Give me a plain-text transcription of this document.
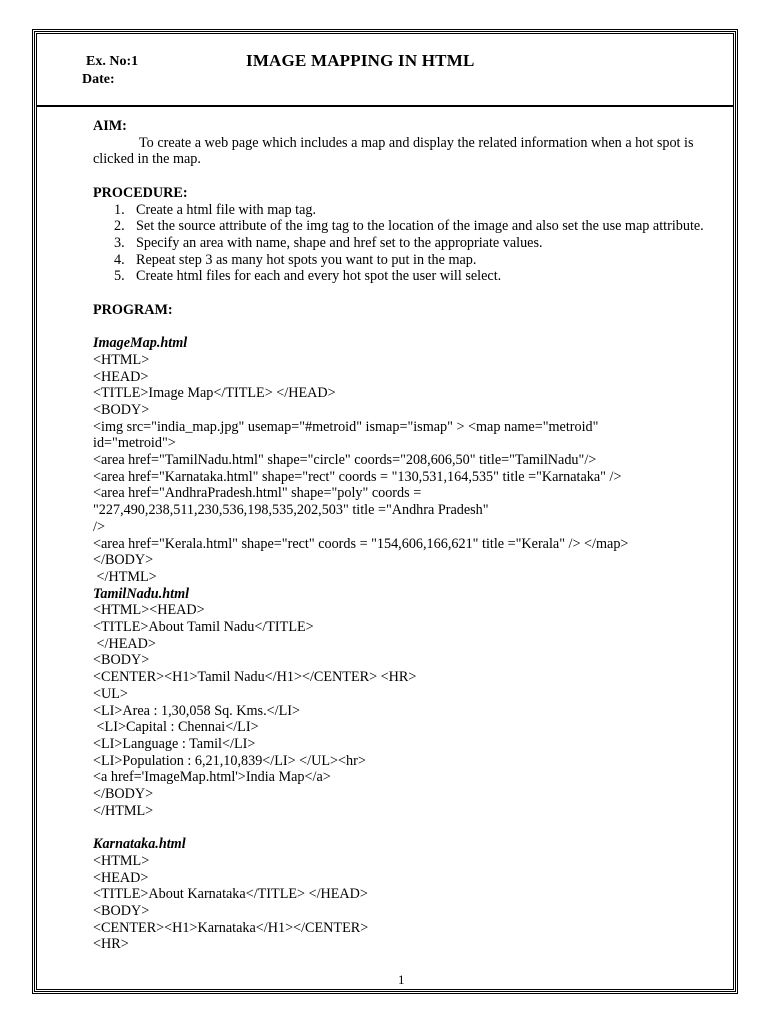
Ex. No:1
Date:
IMAGE MAPPING IN HTML
AIM:
To create a web page which includes a map and display the related information when a hot spot is clicked in the map.
PROCEDURE:
1. Create a html file with map tag.
2. Set the source attribute of the img tag to the location of the image and also set the use map attribute.
3. Specify an area with name, shape and href set to the appropriate values.
4. Repeat step 3 as many hot spots you want to put in the map.
5. Create html files for each and every hot spot the user will select.
PROGRAM:
ImageMap.html
<HTML>
<HEAD>
<TITLE>Image Map</TITLE> </HEAD>
<BODY>
<img src="india_map.jpg" usemap="#metroid" ismap="ismap" > <map name="metroid"
id="metroid">
<area href="TamilNadu.html" shape="circle" coords="208,606,50" title="TamilNadu"/>
<area href="Karnataka.html" shape="rect" coords = "130,531,164,535" title ="Karnataka" />
<area href="AndhraPradesh.html" shape="poly" coords =
"227,490,238,511,230,536,198,535,202,503" title ="Andhra Pradesh"
/>
<area href="Kerala.html" shape="rect" coords = "154,606,166,621" title ="Kerala" /> </map>
</BODY>
</HTML>
TamilNadu.html
<HTML><HEAD>
<TITLE>About Tamil Nadu</TITLE>
</HEAD>
<BODY>
<CENTER><H1>Tamil Nadu</H1></CENTER> <HR>
<UL>
<LI>Area : 1,30,058 Sq. Kms.</LI>
<LI>Capital : Chennai</LI>
<LI>Language : Tamil</LI>
<LI>Population : 6,21,10,839</LI> </UL><hr>
<a href='ImageMap.html'>India Map</a>
</BODY>
</HTML>
Karnataka.html
<HTML>
<HEAD>
<TITLE>About Karnataka</TITLE> </HEAD>
<BODY>
<CENTER><H1>Karnataka</H1></CENTER>
<HR>
1
